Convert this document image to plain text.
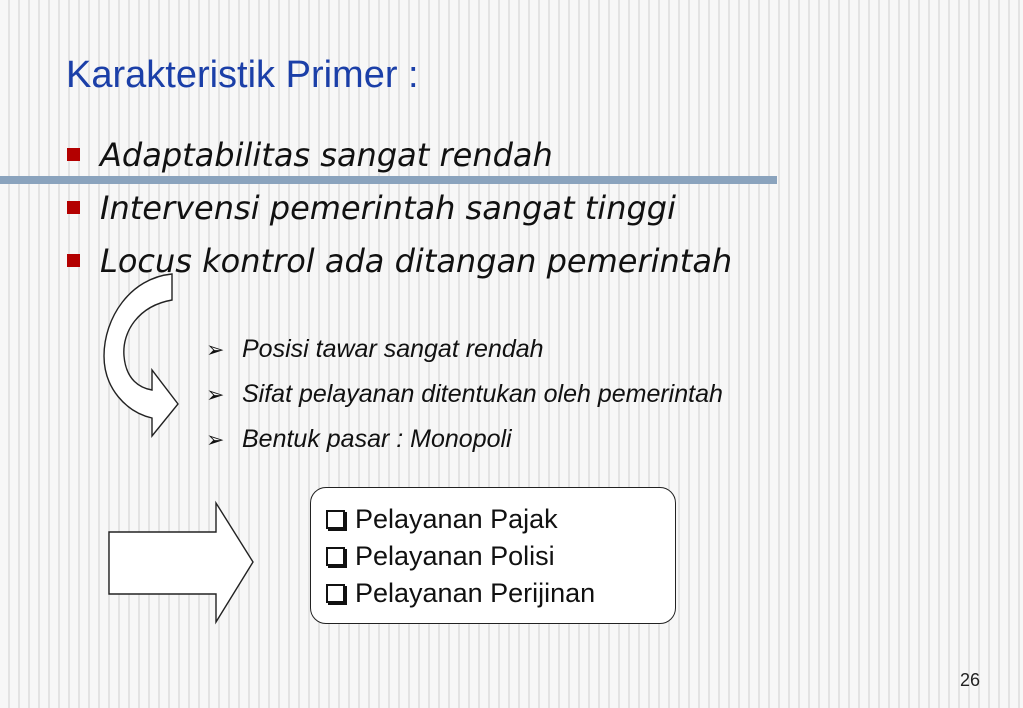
Karakteristik Primer :
Adaptabilitas sangat rendah
Intervensi pemerintah sangat tinggi
Locus kontrol ada ditangan pemerintah
➢ Posisi tawar sangat rendah
➢ Sifat pelayanan ditentukan oleh pemerintah
➢ Bentuk pasar : Monopoli
Pelayanan Pajak
Pelayanan Polisi
Pelayanan Perijinan
26
